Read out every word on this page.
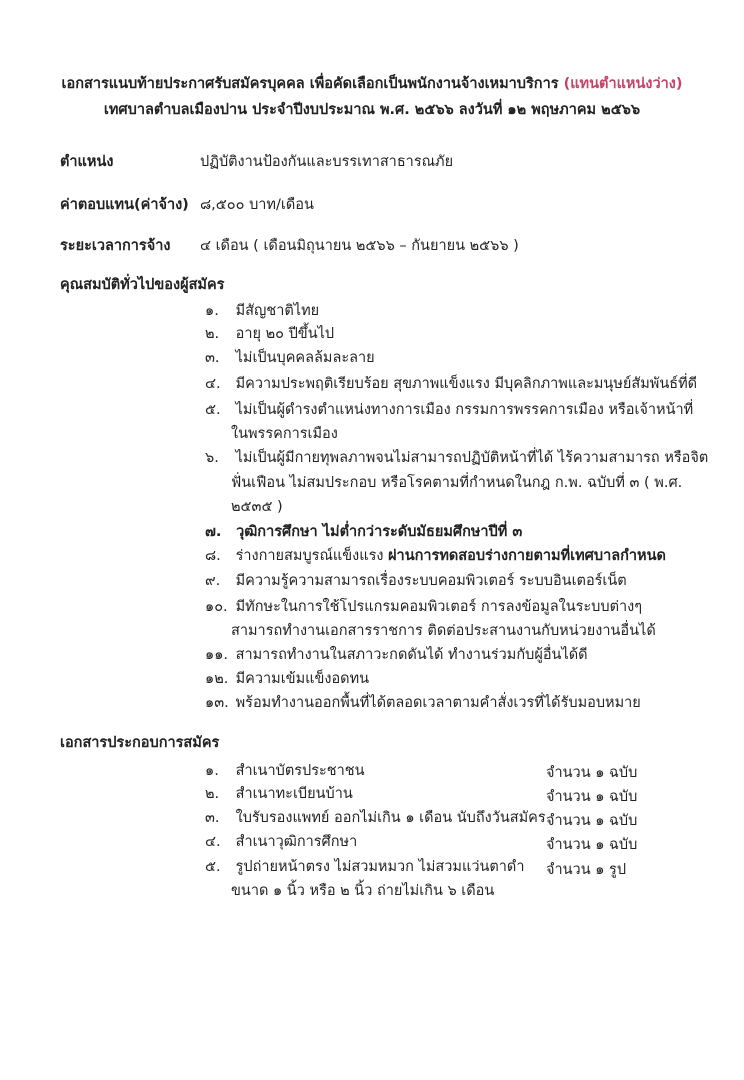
เอกสารแนบท้ายประกาศรับสมัครบุคคล เพื่อคัดเลือกเป็นพนักงานจ้างเหมาบริการ (แทนตำแหน่งว่าง)
เทศบาลตำบลเมืองปาน ประจำปีงบประมาณ พ.ศ. ๒๕๖๖ ลงวันที่ ๑๒ พฤษภาคม ๒๕๖๖
ตำแหน่ง	ปฏิบัติงานป้องกันและบรรเทาสาธารณภัย
ค่าตอบแทน(ค่าจ้าง) ๘,๕๐๐ บาท/เดือน
ระยะเวลาการจ้าง ๔ เดือน ( เดือนมิถุนายน ๒๕๖๖ – กันยายน ๒๕๖๖ )
คุณสมบัติทั่วไปของผู้สมัคร
๑. มีสัญชาติไทย
๒. อายุ ๒๐ ปีขึ้นไป
๓. ไม่เป็นบุคคลล้มละลาย
๔. มีความประพฤติเรียบร้อย สุขภาพแข็งแรง มีบุคลิกภาพและมนุษย์สัมพันธ์ที่ดี
๕. ไม่เป็นผู้ดำรงตำแหน่งทางการเมือง กรรมการพรรคการเมือง หรือเจ้าหน้าที่
ในพรรคการเมือง
๖. ไม่เป็นผู้มีกายทุพลภาพจนไม่สามารถปฏิบัติหน้าที่ได้ ไร้ความสามารถ หรือจิต
ฟั่นเฟือน ไม่สมประกอบ หรือโรคตามที่กำหนดในกฎ ก.พ. ฉบับที่ ๓ ( พ.ศ.
๒๕๓๕ )
๗. วุฒิการศึกษา ไม่ต่ำกว่าระดับมัธยมศึกษาปีที่ ๓
๘. ร่างกายสมบูรณ์แข็งแรง ผ่านการทดสอบร่างกายตามที่เทศบาลกำหนด
๙. มีความรู้ความสามารถเรื่องระบบคอมพิวเตอร์ ระบบอินเตอร์เน็ต
๑๐. มีทักษะในการใช้โปรแกรมคอมพิวเตอร์ การลงข้อมูลในระบบต่างๆ
สามารถทำงานเอกสารราชการ ติดต่อประสานงานกับหน่วยงานอื่นได้
๑๑. สามารถทำงานในสภาวะกดดันได้ ทำงานร่วมกับผู้อื่นได้ดี
๑๒. มีความเข้มแข็งอดทน
๑๓. พร้อมทำงานออกพื้นที่ได้ตลอดเวลาตามคำสั่งเวรที่ได้รับมอบหมาย
เอกสารประกอบการสมัคร
๑. สำเนาบัตรประชาชน	จำนวน ๑ ฉบับ
๒. สำเนาทะเบียนบ้าน	จำนวน ๑ ฉบับ
๓. ใบรับรองแพทย์ ออกไม่เกิน ๑ เดือน นับถึงวันสมัคร จำนวน ๑ ฉบับ
๔. สำเนาวุฒิการศึกษา	จำนวน ๑ ฉบับ
๕. รูปถ่ายหน้าตรง ไม่สวมหมวก ไม่สวมแว่นตาดำ จำนวน ๑ รูป
ขนาด ๑ นิ้ว หรือ ๒ นิ้ว ถ่ายไม่เกิน ๖ เดือน
